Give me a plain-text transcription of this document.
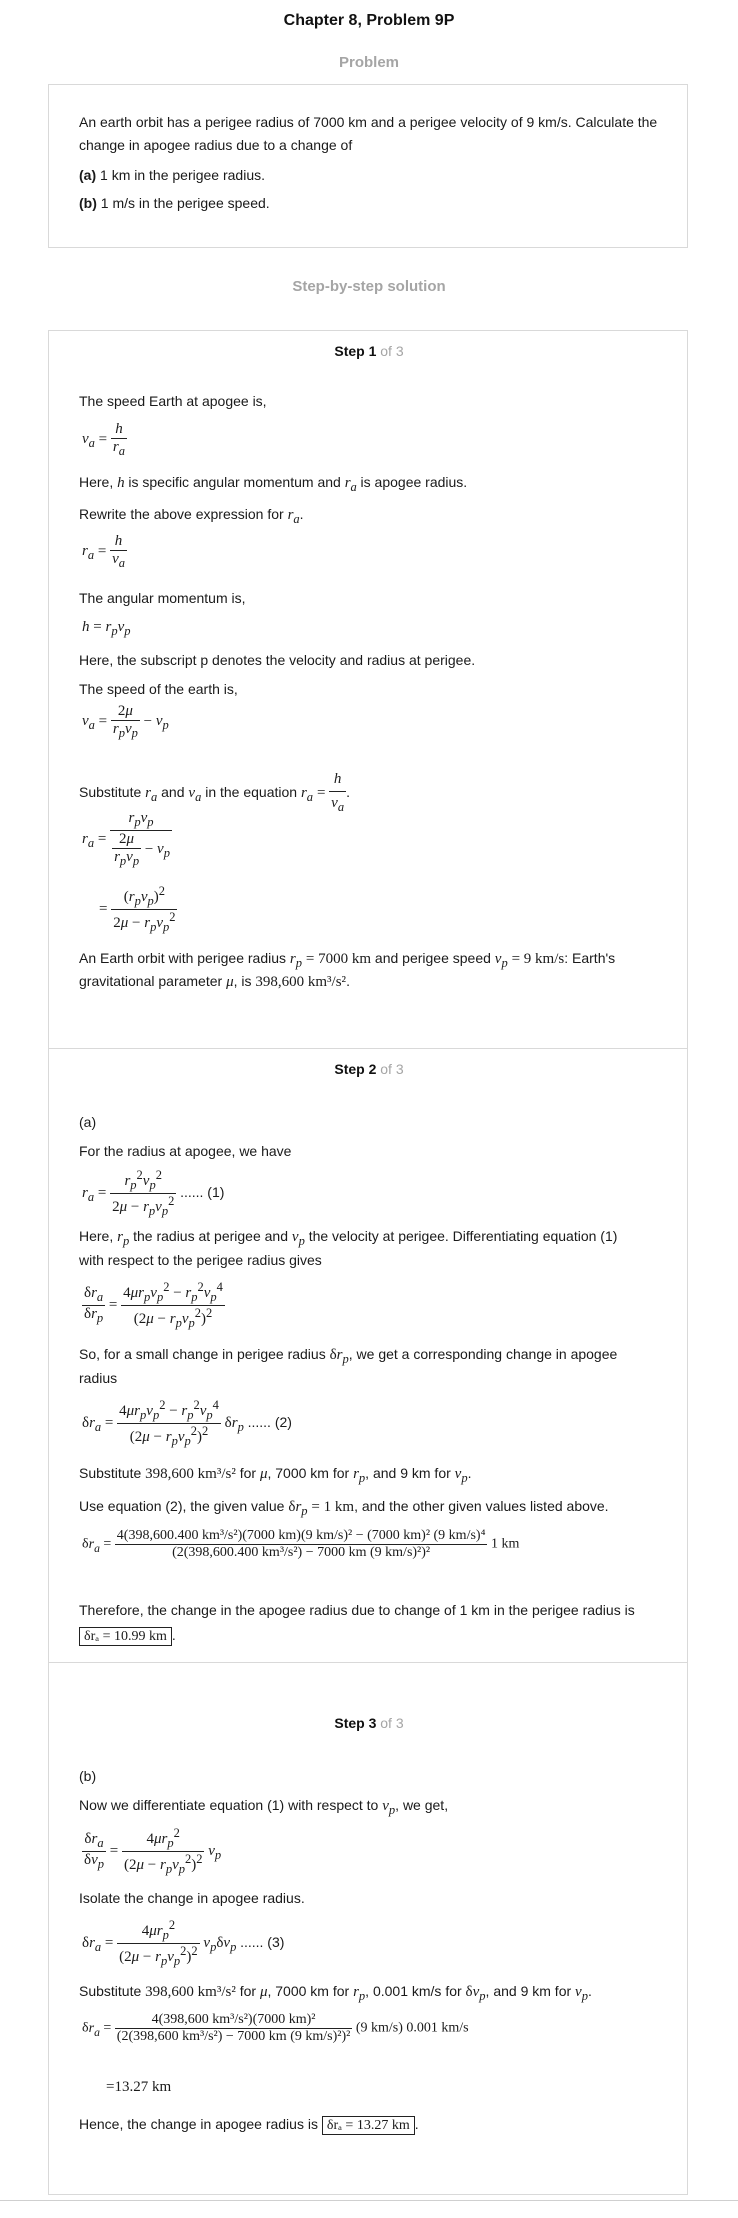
Chapter 8, Problem 9P
Problem
An earth orbit has a perigee radius of 7000 km and a perigee velocity of 9 km/s. Calculate the change in apogee radius due to a change of
(a) 1 km in the perigee radius.
(b) 1 m/s in the perigee speed.
Step-by-step solution
Step 1 of 3
The speed Earth at apogee is,
$v_a = \frac{h}{r_a}$
Here, h is specific angular momentum and $r_a$ is apogee radius.
Rewrite the above expression for $r_a$.
$r_a = \frac{h}{v_a}$
The angular momentum is,
$h = r_pv_p$
Here, the subscript p denotes the velocity and radius at perigee.
The speed of the earth is,
$v_a = \frac{2\mu}{r_pv_p} - v_p$
Substitute $r_a$ and $v_a$ in the equation $r_a = \frac{h}{v_a}$ .
$r_a = \frac{r_pv_p}{\frac{2\mu}{r_pv_p} - v_p}$
= $\frac{(r_pv_p)^2}{2\mu - r_pv_p^2}$
An Earth orbit with perigee radius $r_p = 7000$ km and perigee speed $v_p = 9$ km/s: Earth's
gravitational parameter μ, is 398,600 km³/s².
Step 2 of 3
(a)
For the radius at apogee, we have
$r_a = \frac{r_p^2v_p^2}{2\mu - r_pv_p^2}$ ...... (1)
Here, $r_p$ the radius at perigee and $v_p$ the velocity at perigee. Differentiating equation (1)
with respect to the perigee radius gives
$\frac{\delta r_a}{\delta r_p} = \frac{4\mu r_pv_p^2 - r_p^2v_p^4}{(2\mu - r_pv_p^2)^2}$
So, for a small change in perigee radius $\delta r_p$, we get a corresponding change in apogee
radius
$\delta r_a = \frac{4\mu r_pv_p^2 - r_p^2v_p^4}{(2\mu - r_pv_p^2)^2} \delta r_p$ ...... (2)
Substitute 398,600 km³/s² for μ, 7000 km for $r_p$, and 9 km for $v_p$.
Use equation (2), the given value $\delta r_p = 1$ km, and the other given values listed above.
$\delta r_a$ =
4(398,600.400 km³/s²)(7000 km)(9 km/s)² − (7000 km)² (9 km/s)⁴
(2(398,600.400 km³/s²) − 7000 km (9 km/s)²)²
1 km
Therefore, the change in the apogee radius due to change of 1 km in the perigee radius is
δrₐ = 10.99 km .
Step 3 of 3
(b)
Now we differentiate equation (1) with respect to $v_p$, we get,
$\frac{\delta r_a}{\delta v_p} = \frac{4\mu r_p^2}{(2\mu - r_pv_p^2)^2} v_p$
Isolate the change in apogee radius.
$\delta r_a = \frac{4\mu r_p^2}{(2\mu - r_pv_p^2)^2} v_p\delta v_p$ ...... (3)
Substitute 398,600 km³/s² for μ, 7000 km for $r_p$, 0.001 km/s for $\delta v_p$, and 9 km for $v_p$.
$\delta r_a = \frac{\text{4(398,600 km³/s²)(7000 km)²}}{\text{(2(398,600 km³/s²) − 7000 km (9 km/s)²)²}} (9$ km/s) 0.001 km/s
=13.27 km
Hence, the change in apogee radius is δrₐ = 13.27 km .
